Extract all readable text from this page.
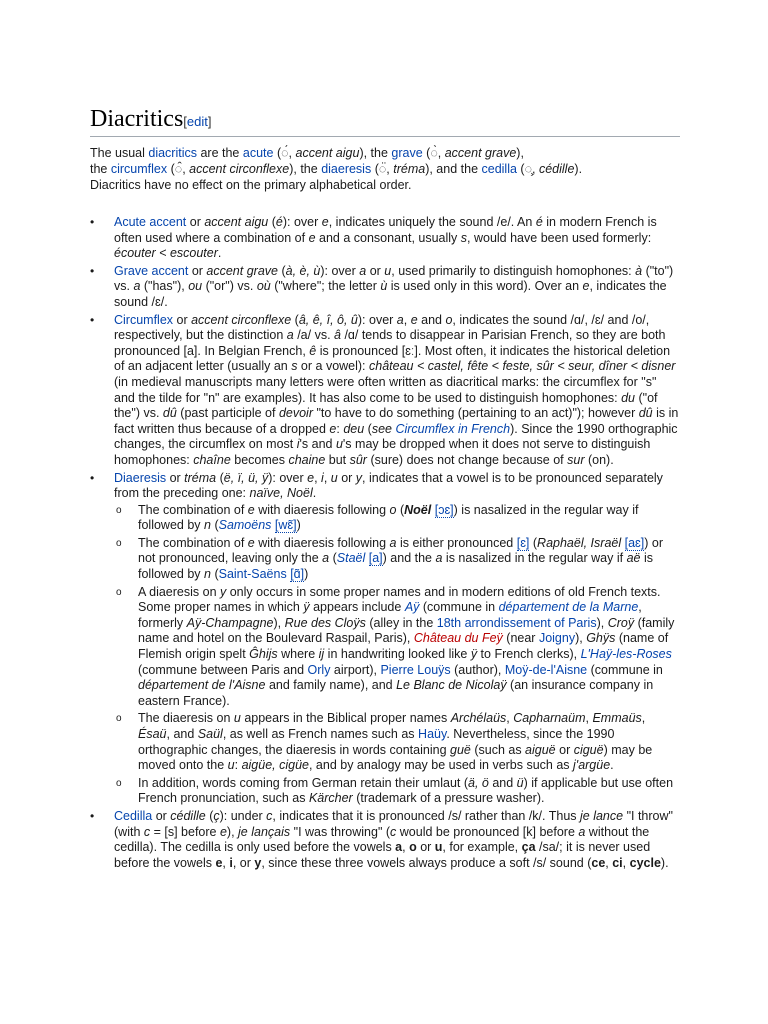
Diacritics[edit]

The usual diacritics are the acute (◌́, accent aigu), the grave (◌̀, accent grave),
the circumflex (◌̂, accent circonflexe), the diaeresis (◌̈, tréma), and the cedilla (◌̧, cédille).
Diacritics have no effect on the primary alphabetical order.

• Acute accent or accent aigu (é): over e, indicates uniquely the sound /e/. An é in modern French is often used where a combination of e and a consonant, usually s, would have been used formerly: écouter < escouter.
• Grave accent or accent grave (à, è, ù): over a or u, used primarily to distinguish homophones: à ("to") vs. a ("has"), ou ("or") vs. où ("where"; the letter ù is used only in this word). Over an e, indicates the sound /ɛ/.
• Circumflex or accent circonflexe (â, ê, î, ô, û): over a, e and o, indicates the sound /ɑ/, /ɛ/ and /o/, respectively, but the distinction a /a/ vs. â /ɑ/ tends to disappear in Parisian French, so they are both pronounced [a]. In Belgian French, ê is pronounced [ɛː]. Most often, it indicates the historical deletion of an adjacent letter (usually an s or a vowel): château < castel, fête < feste, sûr < seur, dîner < disner (in medieval manuscripts many letters were often written as diacritical marks: the circumflex for "s" and the tilde for "n" are examples). It has also come to be used to distinguish homophones: du ("of the") vs. dû (past participle of devoir "to have to do something (pertaining to an act)"); however dû is in fact written thus because of a dropped e: deu (see Circumflex in French). Since the 1990 orthographic changes, the circumflex on most i's and u's may be dropped when it does not serve to distinguish homophones: chaîne becomes chaine but sûr (sure) does not change because of sur (on).
• Diaeresis or tréma (ë, ï, ü, ÿ): over e, i, u or y, indicates that a vowel is to be pronounced separately from the preceding one: naïve, Noël.
o The combination of e with diaeresis following o (Noël [ɔɛ]) is nasalized in the regular way if followed by n (Samoëns [wɛ̃])
o The combination of e with diaeresis following a is either pronounced [ɛ] (Raphaël, Israël [aɛ]) or not pronounced, leaving only the a (Staël [a]) and the a is nasalized in the regular way if aë is followed by n (Saint-Saëns [ɑ̃])
o A diaeresis on y only occurs in some proper names and in modern editions of old French texts. Some proper names in which ÿ appears include Aÿ (commune in département de la Marne, formerly Aÿ-Champagne), Rue des Cloÿs (alley in the 18th arrondissement of Paris), Croÿ (family name and hotel on the Boulevard Raspail, Paris), Château du Feÿ (near Joigny), Ghÿs (name of Flemish origin spelt Ĝhijs where ij in handwriting looked like ÿ to French clerks), L'Haÿ-les-Roses (commune between Paris and Orly airport), Pierre Louÿs (author), Moÿ-de-l'Aisne (commune in département de l'Aisne and family name), and Le Blanc de Nicolaÿ (an insurance company in eastern France).
o The diaeresis on u appears in the Biblical proper names Archélaüs, Capharnaüm, Emmaüs, Ésaü, and Saül, as well as French names such as Haüy. Nevertheless, since the 1990 orthographic changes, the diaeresis in words containing guë (such as aiguë or ciguë) may be moved onto the u: aigüe, cigüe, and by analogy may be used in verbs such as j'argüe.
o In addition, words coming from German retain their umlaut (ä, ö and ü) if applicable but use often French pronunciation, such as Kärcher (trademark of a pressure washer).
• Cedilla or cédille (ç): under c, indicates that it is pronounced /s/ rather than /k/. Thus je lance "I throw" (with c = [s] before e), je lançais "I was throwing" (c would be pronounced [k] before a without the cedilla). The cedilla is only used before the vowels a, o or u, for example, ça /sa/; it is never used before the vowels e, i, or y, since these three vowels always produce a soft /s/ sound (ce, ci, cycle).
